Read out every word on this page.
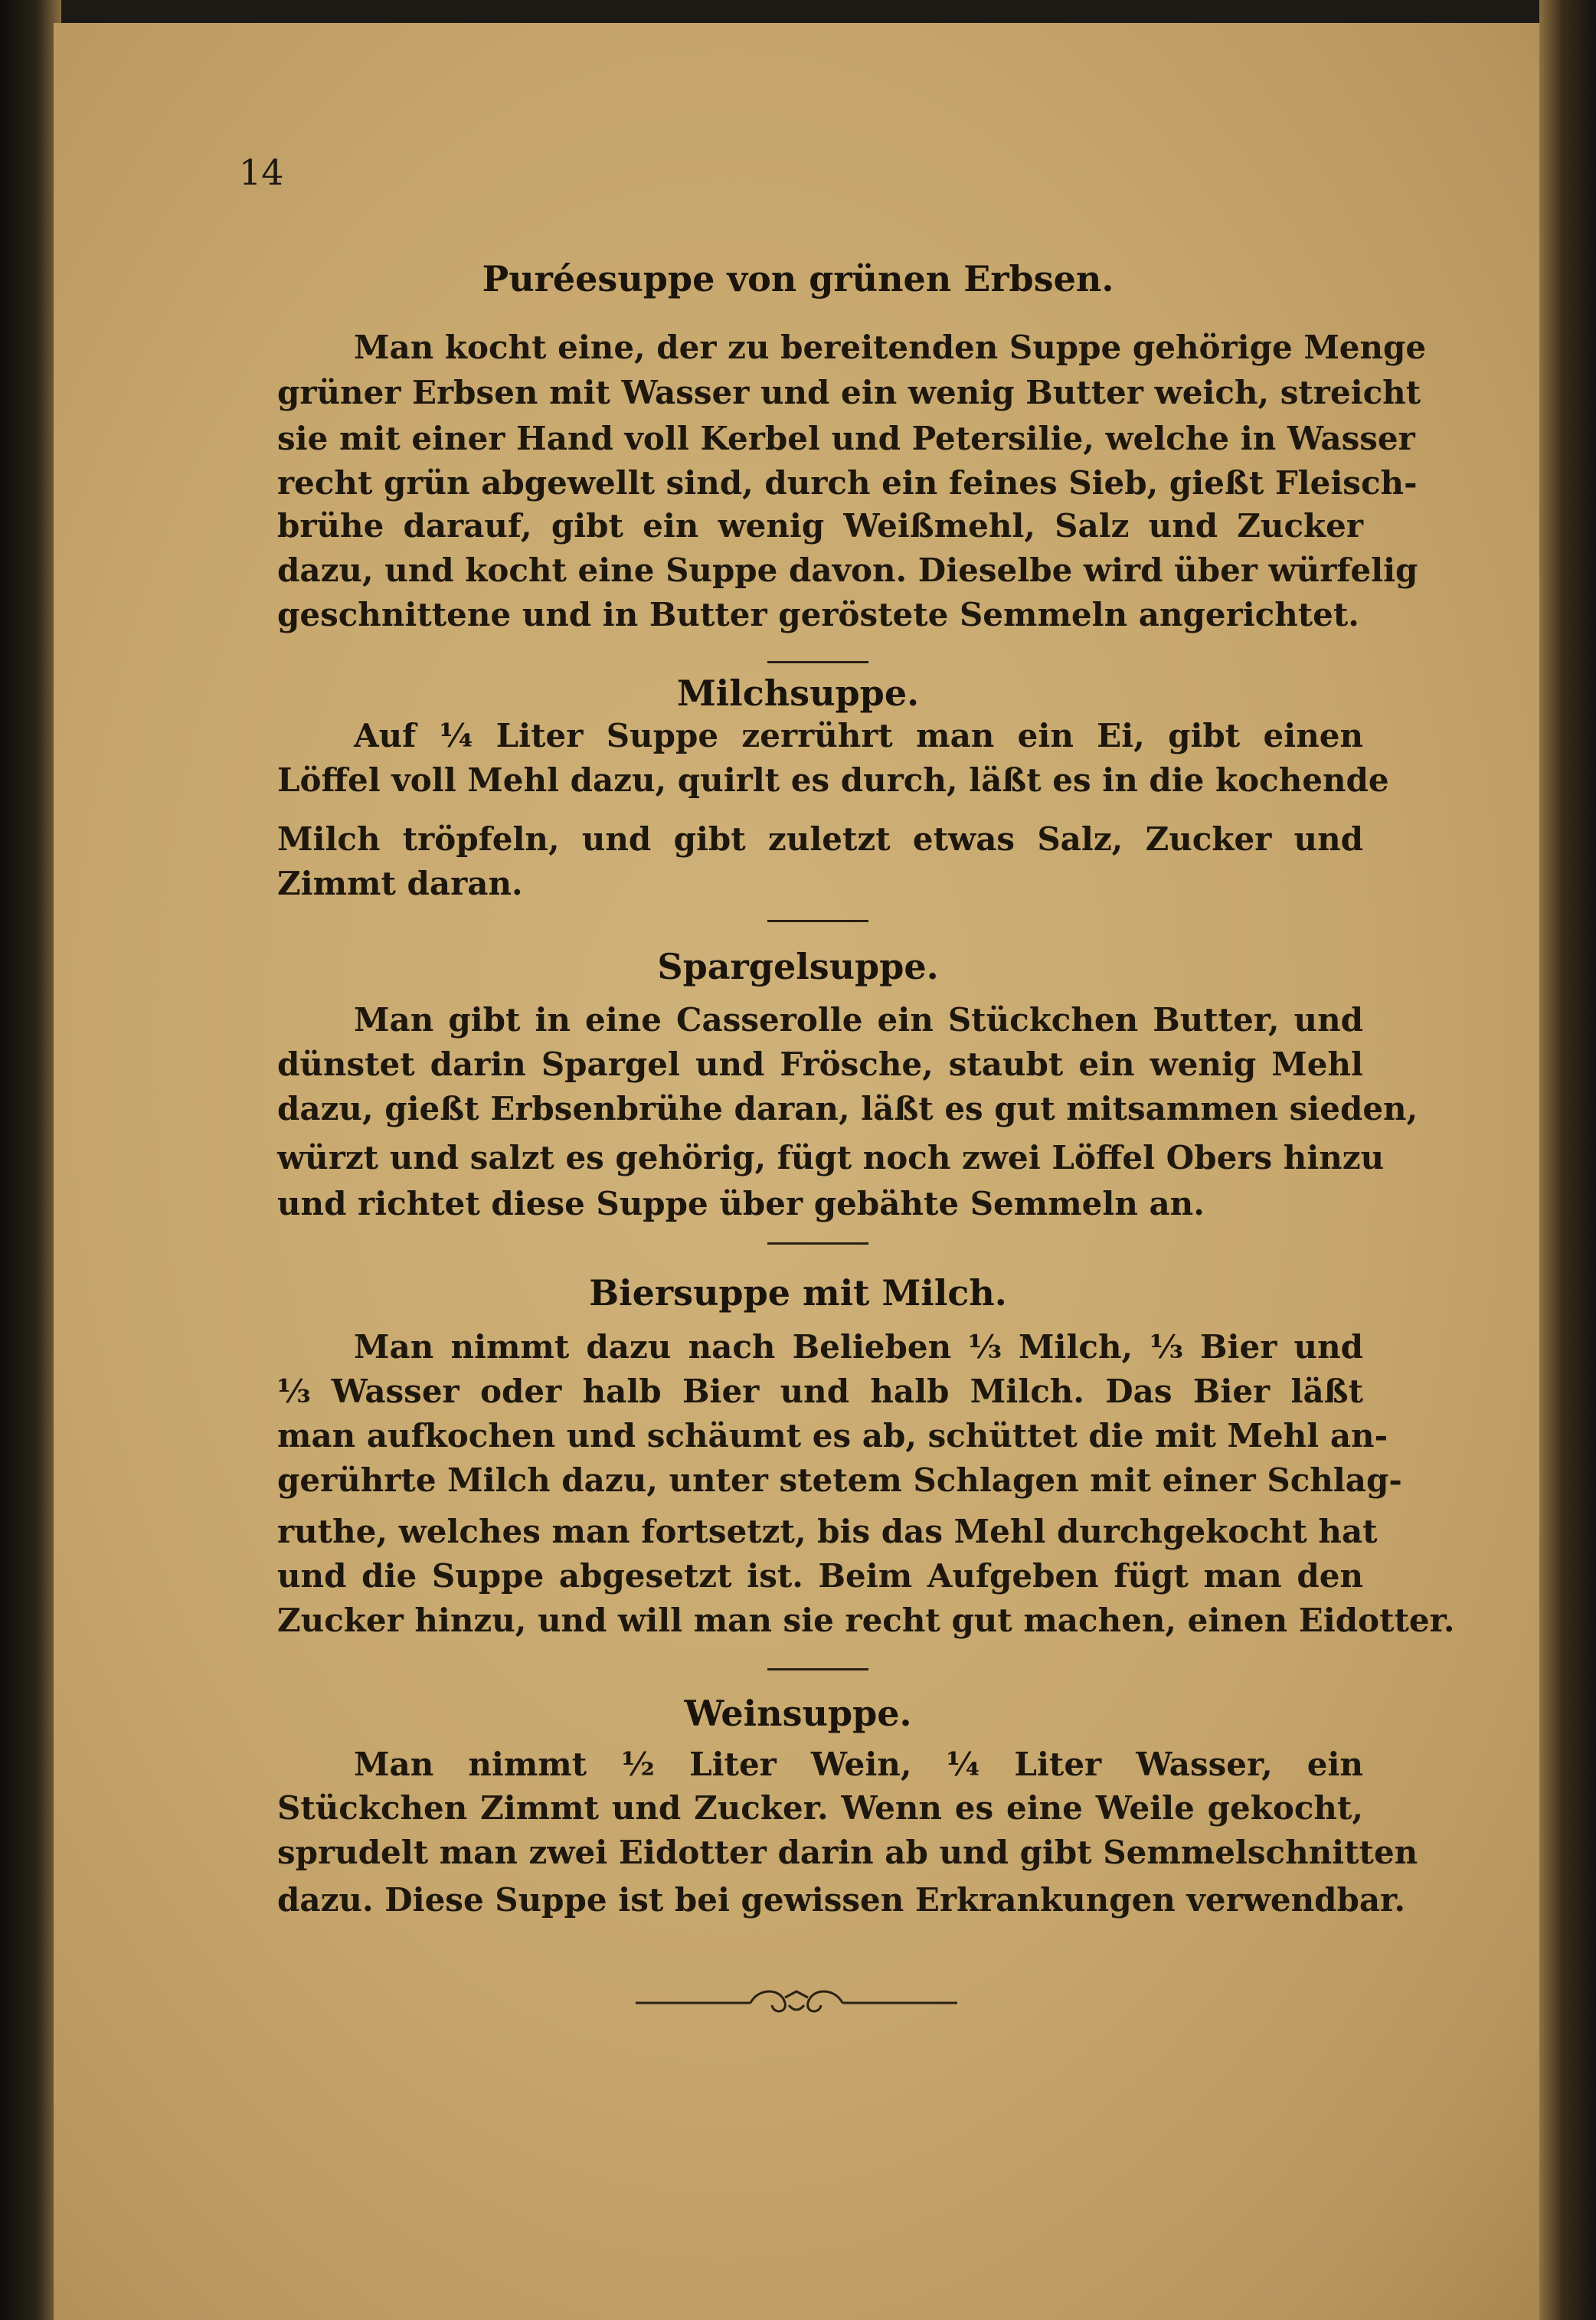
14
Puréesuppe von grünen Erbsen.
Man kocht eine, der zu bereitenden Suppe gehörige Menge
grüner Erbsen mit Wasser und ein wenig Butter weich, streicht
sie mit einer Hand voll Kerbel und Petersilie, welche in Wasser
recht grün abgewellt sind, durch ein feines Sieb, gießt Fleisch-
brühe darauf, gibt ein wenig Weißmehl, Salz und Zucker
dazu, und kocht eine Suppe davon. Dieselbe wird über würfelig
geschnittene und in Butter geröstete Semmeln angerichtet.
Milchsuppe.
Auf ¼ Liter Suppe zerrührt man ein Ei, gibt einen
Löffel voll Mehl dazu, quirlt es durch, läßt es in die kochende
Milch tröpfeln, und gibt zuletzt etwas Salz, Zucker und
Zimmt daran.
Spargelsuppe.
Man gibt in eine Casserolle ein Stückchen Butter, und
dünstet darin Spargel und Frösche, staubt ein wenig Mehl
dazu, gießt Erbsenbrühe daran, läßt es gut mitsammen sieden,
würzt und salzt es gehörig, fügt noch zwei Löffel Obers hinzu
und richtet diese Suppe über gebähte Semmeln an.
Biersuppe mit Milch.
Man nimmt dazu nach Belieben ⅓ Milch, ⅓ Bier und
⅓ Wasser oder halb Bier und halb Milch. Das Bier läßt
man aufkochen und schäumt es ab, schüttet die mit Mehl an-
gerührte Milch dazu, unter stetem Schlagen mit einer Schlag-
ruthe, welches man fortsetzt, bis das Mehl durchgekocht hat
und die Suppe abgesetzt ist. Beim Aufgeben fügt man den
Zucker hinzu, und will man sie recht gut machen, einen Eidotter.
Weinsuppe.
Man nimmt ½ Liter Wein, ¼ Liter Wasser, ein
Stückchen Zimmt und Zucker. Wenn es eine Weile gekocht,
sprudelt man zwei Eidotter darin ab und gibt Semmelschnitten
dazu. Diese Suppe ist bei gewissen Erkrankungen verwendbar.
